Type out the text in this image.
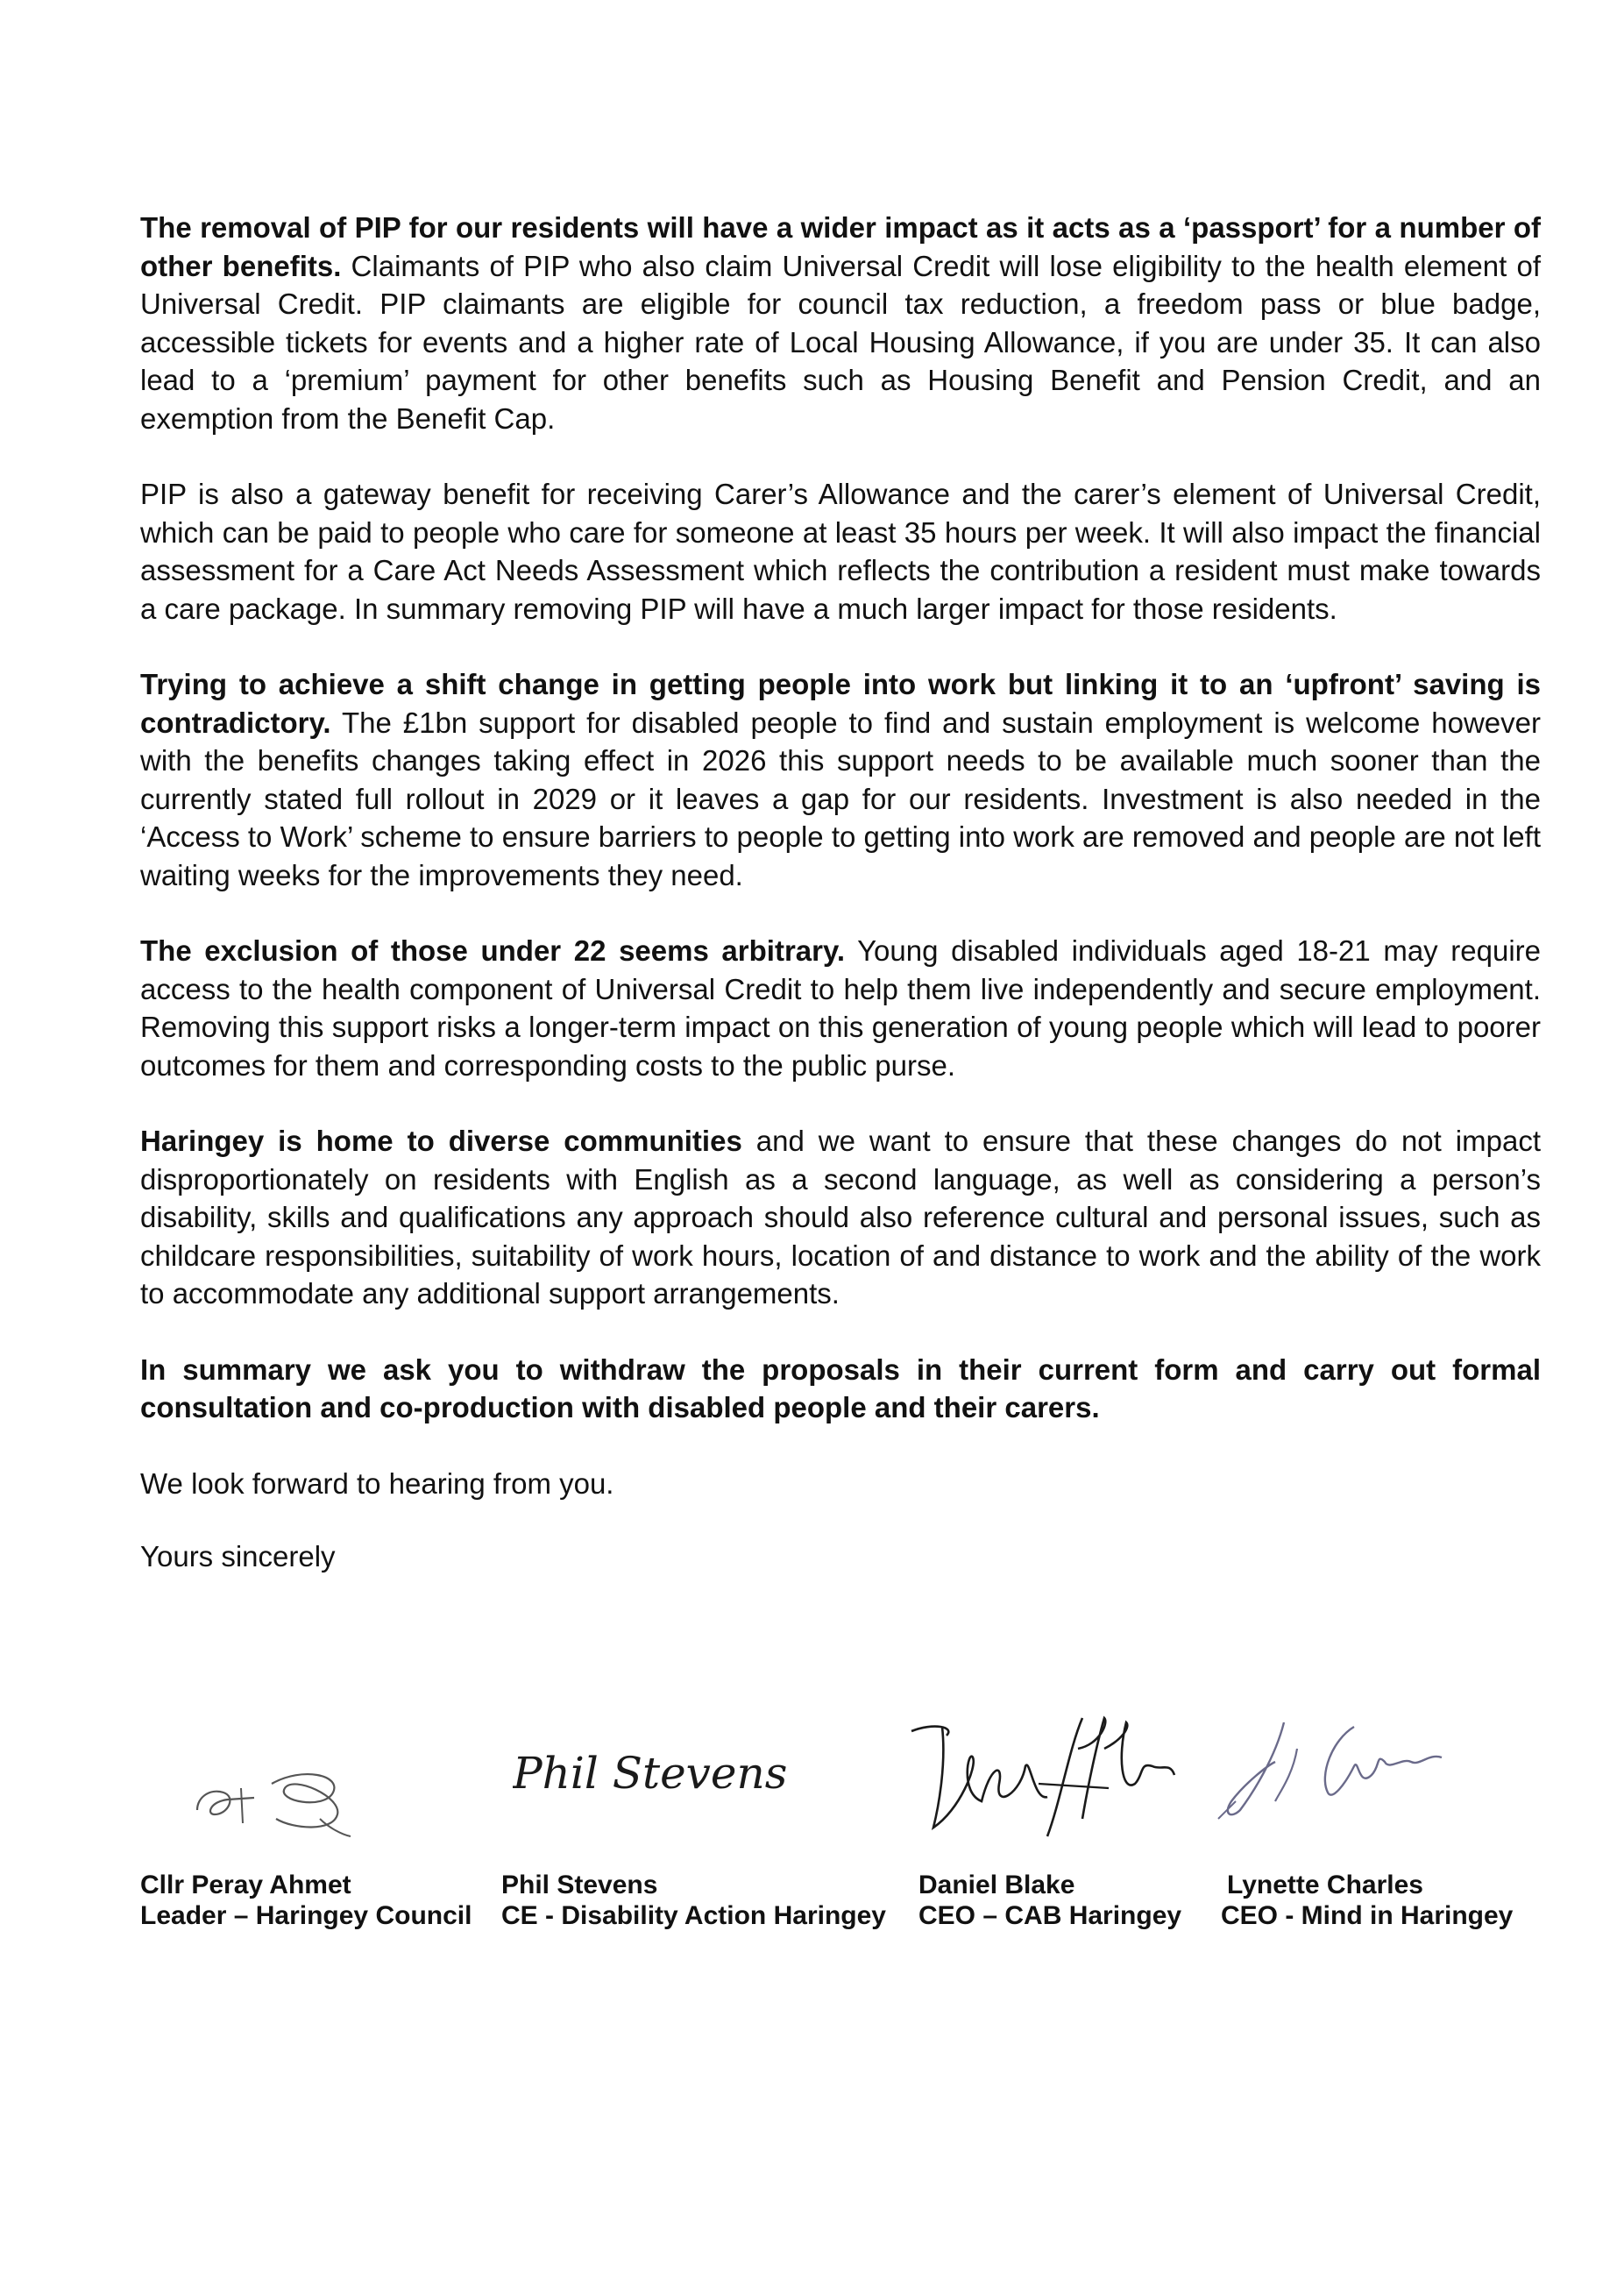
The removal of PIP for our residents will have a wider impact as it acts as a ‘passport’ for a number of other benefits. Claimants of PIP who also claim Universal Credit will lose eligibility to the health element of Universal Credit. PIP claimants are eligible for council tax reduction, a freedom pass or blue badge, accessible tickets for events and a higher rate of Local Housing Allowance, if you are under 35. It can also lead to a ‘premium’ payment for other benefits such as Housing Benefit and Pension Credit, and an exemption from the Benefit Cap.

PIP is also a gateway benefit for receiving Carer’s Allowance and the carer’s element of Universal Credit, which can be paid to people who care for someone at least 35 hours per week. It will also impact the financial assessment for a Care Act Needs Assessment which reflects the contribution a resident must make towards a care package. In summary removing PIP will have a much larger impact for those residents.

Trying to achieve a shift change in getting people into work but linking it to an ‘upfront’ saving is contradictory. The £1bn support for disabled people to find and sustain employment is welcome however with the benefits changes taking effect in 2026 this support needs to be available much sooner than the currently stated full rollout in 2029 or it leaves a gap for our residents. Investment is also needed in the ‘Access to Work’ scheme to ensure barriers to people to getting into work are removed and people are not left waiting weeks for the improvements they need.

The exclusion of those under 22 seems arbitrary. Young disabled individuals aged 18-21 may require access to the health component of Universal Credit to help them live independently and secure employment. Removing this support risks a longer-term impact on this generation of young people which will lead to poorer outcomes for them and corresponding costs to the public purse.

Haringey is home to diverse communities and we want to ensure that these changes do not impact disproportionately on residents with English as a second language, as well as considering a person’s disability, skills and qualifications any approach should also reference cultural and personal issues, such as childcare responsibilities, suitability of work hours, location of and distance to work and the ability of the work to accommodate any additional support arrangements.

In summary we ask you to withdraw the proposals in their current form and carry out formal consultation and co-production with disabled people and their carers.

We look forward to hearing from you.

Yours sincerely

Phil Stevens
Cllr Peray Ahmet
Leader – Haringey Council
Phil Stevens
CE - Disability Action Haringey
Daniel Blake
CEO – CAB Haringey
Lynette Charles
CEO - Mind in Haringey
